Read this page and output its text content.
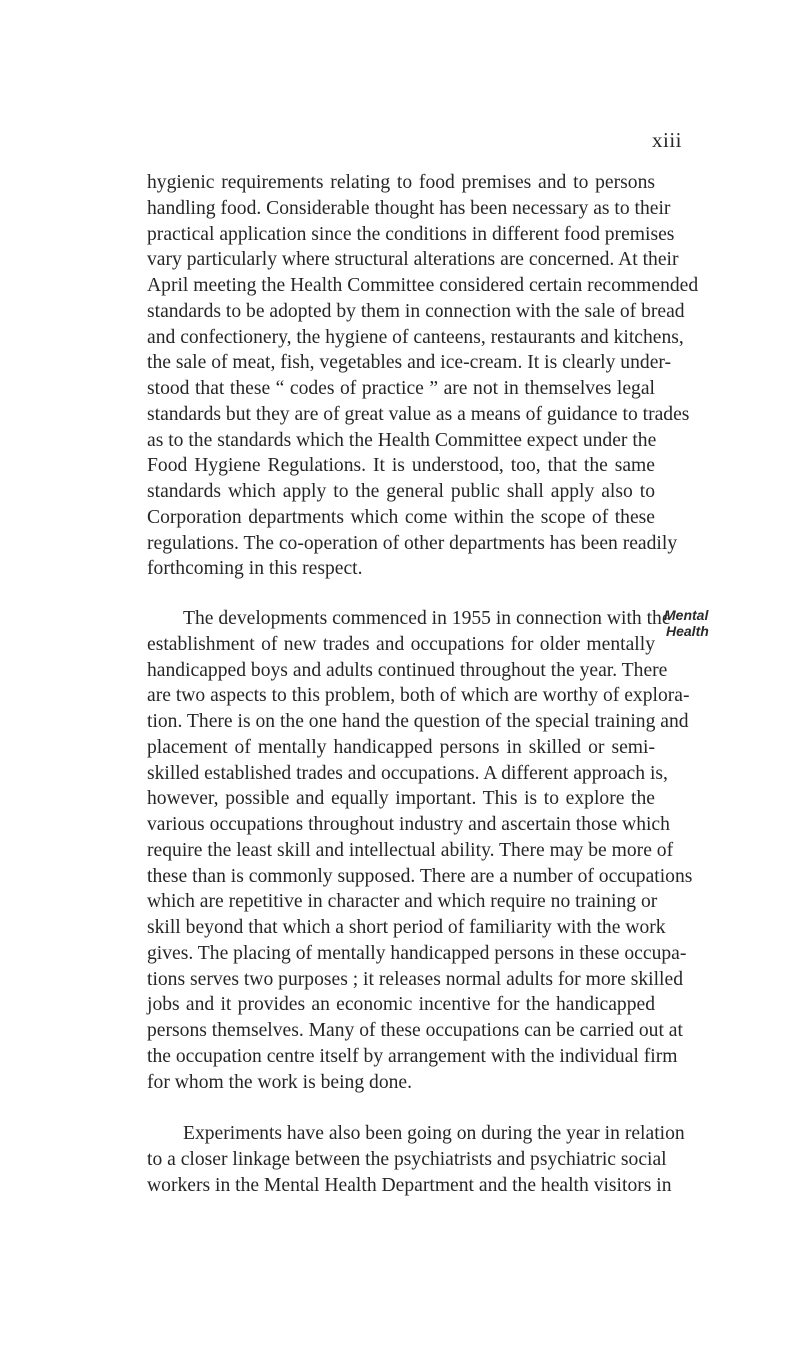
xiii
hygienic requirements relating to food premises and to persons
handling food. Considerable thought has been necessary as to their
practical application since the conditions in different food premises
vary particularly where structural alterations are concerned. At their
April meeting the Health Committee considered certain recommended
standards to be adopted by them in connection with the sale of bread
and confectionery, the hygiene of canteens, restaurants and kitchens,
the sale of meat, fish, vegetables and ice-cream. It is clearly under-
stood that these “ codes of practice ” are not in themselves legal
standards but they are of great value as a means of guidance to trades
as to the standards which the Health Committee expect under the
Food Hygiene Regulations. It is understood, too, that the same
standards which apply to the general public shall apply also to
Corporation departments which come within the scope of these
regulations. The co-operation of other departments has been readily
forthcoming in this respect.
The developments commenced in 1955 in connection with the
establishment of new trades and occupations for older mentally
handicapped boys and adults continued throughout the year. There
are two aspects to this problem, both of which are worthy of explora-
tion. There is on the one hand the question of the special training and
placement of mentally handicapped persons in skilled or semi-
skilled established trades and occupations. A different approach is,
however, possible and equally important. This is to explore the
various occupations throughout industry and ascertain those which
require the least skill and intellectual ability. There may be more of
these than is commonly supposed. There are a number of occupations
which are repetitive in character and which require no training or
skill beyond that which a short period of familiarity with the work
gives. The placing of mentally handicapped persons in these occupa-
tions serves two purposes ; it releases normal adults for more skilled
jobs and it provides an economic incentive for the handicapped
persons themselves. Many of these occupations can be carried out at
the occupation centre itself by arrangement with the individual firm
for whom the work is being done.
Mental
Health
Experiments have also been going on during the year in relation
to a closer linkage between the psychiatrists and psychiatric social
workers in the Mental Health Department and the health visitors in
